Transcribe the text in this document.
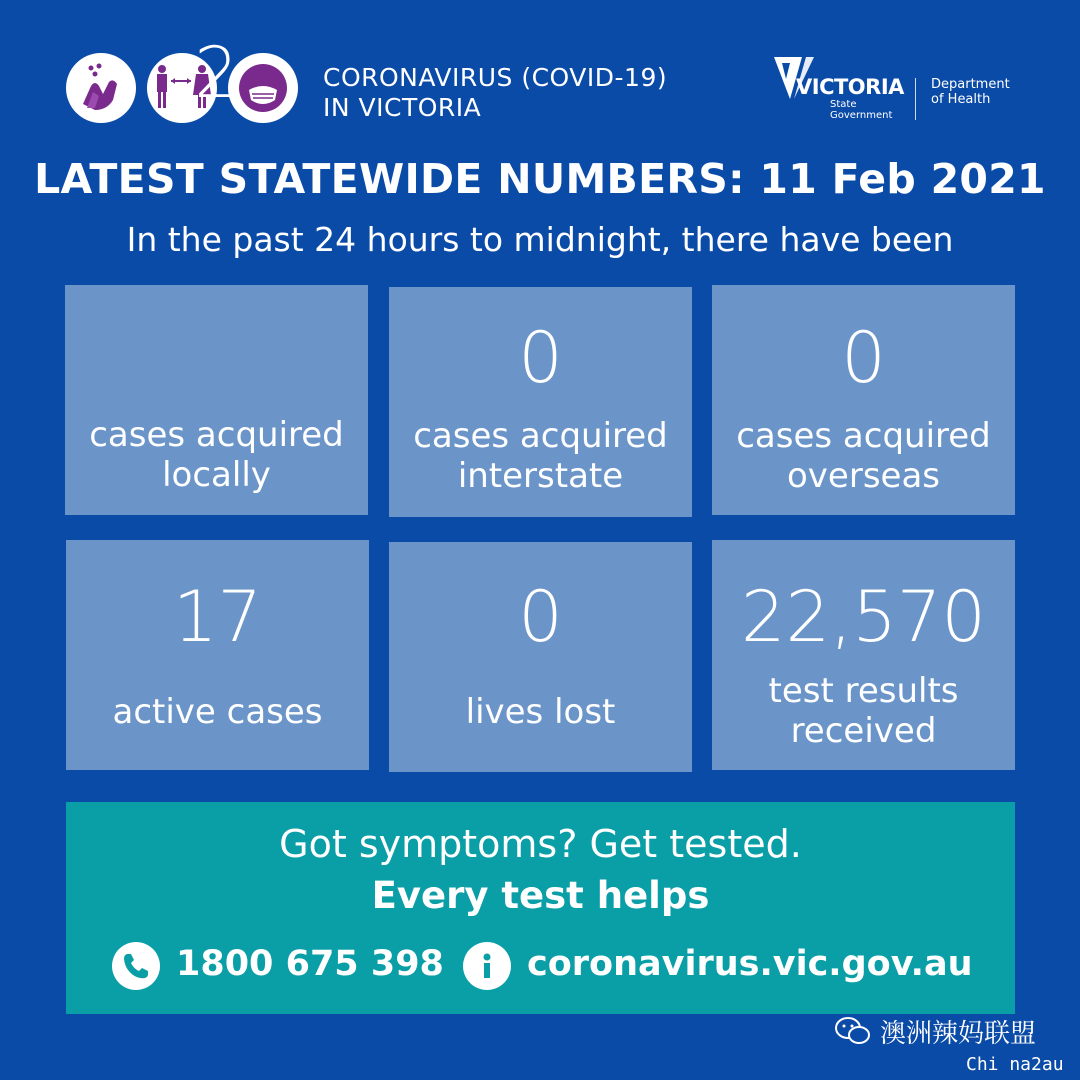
CORONAVIRUS (COVID-19)
IN VICTORIA
VICTORIA
State
Government
Department
of Health
LATEST STATEWIDE NUMBERS: 11 Feb 2021
In the past 24 hours to midnight, there have been
2
cases acquired
locally
0
cases acquired
interstate
0
cases acquired
overseas
17
active cases
0
lives lost
22,570
test results
received
Got symptoms? Get tested.
Every test helps
1800 675 398 coronavirus.vic.gov.au
澳洲辣妈联盟
Chi na2au
